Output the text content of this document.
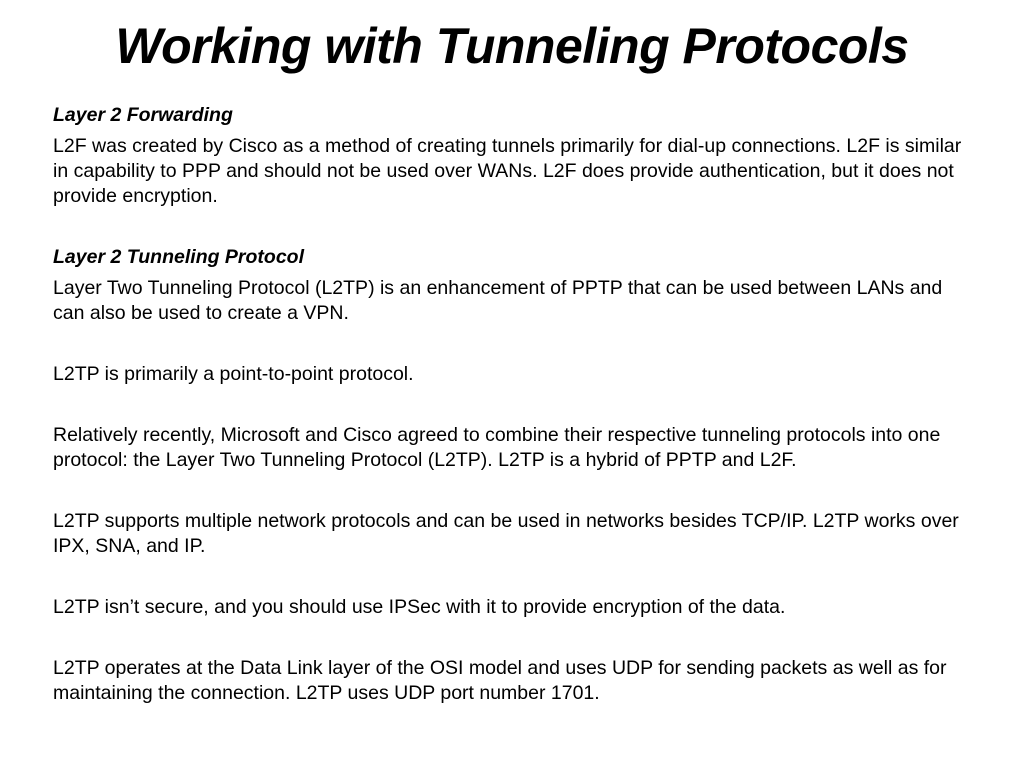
Working with Tunneling Protocols
Layer 2 Forwarding

L2F was created by Cisco as a method of creating tunnels primarily for dial-up connections. L2F is similar in capability to PPP and should not be used over WANs. L2F does provide authentication, but it does not provide encryption.

Layer 2 Tunneling Protocol

Layer Two Tunneling Protocol (L2TP) is an enhancement of PPTP that can be used between LANs and can also be used to create a VPN.

L2TP is primarily a point-to-point protocol.

Relatively recently, Microsoft and Cisco agreed to combine their respective tunneling protocols into one protocol: the Layer Two Tunneling Protocol (L2TP). L2TP is a hybrid of PPTP and L2F.

L2TP supports multiple network protocols and can be used in networks besides TCP/IP. L2TP works over IPX, SNA, and IP.

L2TP isn’t secure, and you should use IPSec with it to provide encryption of the data.

L2TP operates at the Data Link layer of the OSI model and uses UDP for sending packets as well as for maintaining the connection. L2TP uses UDP port number 1701.
